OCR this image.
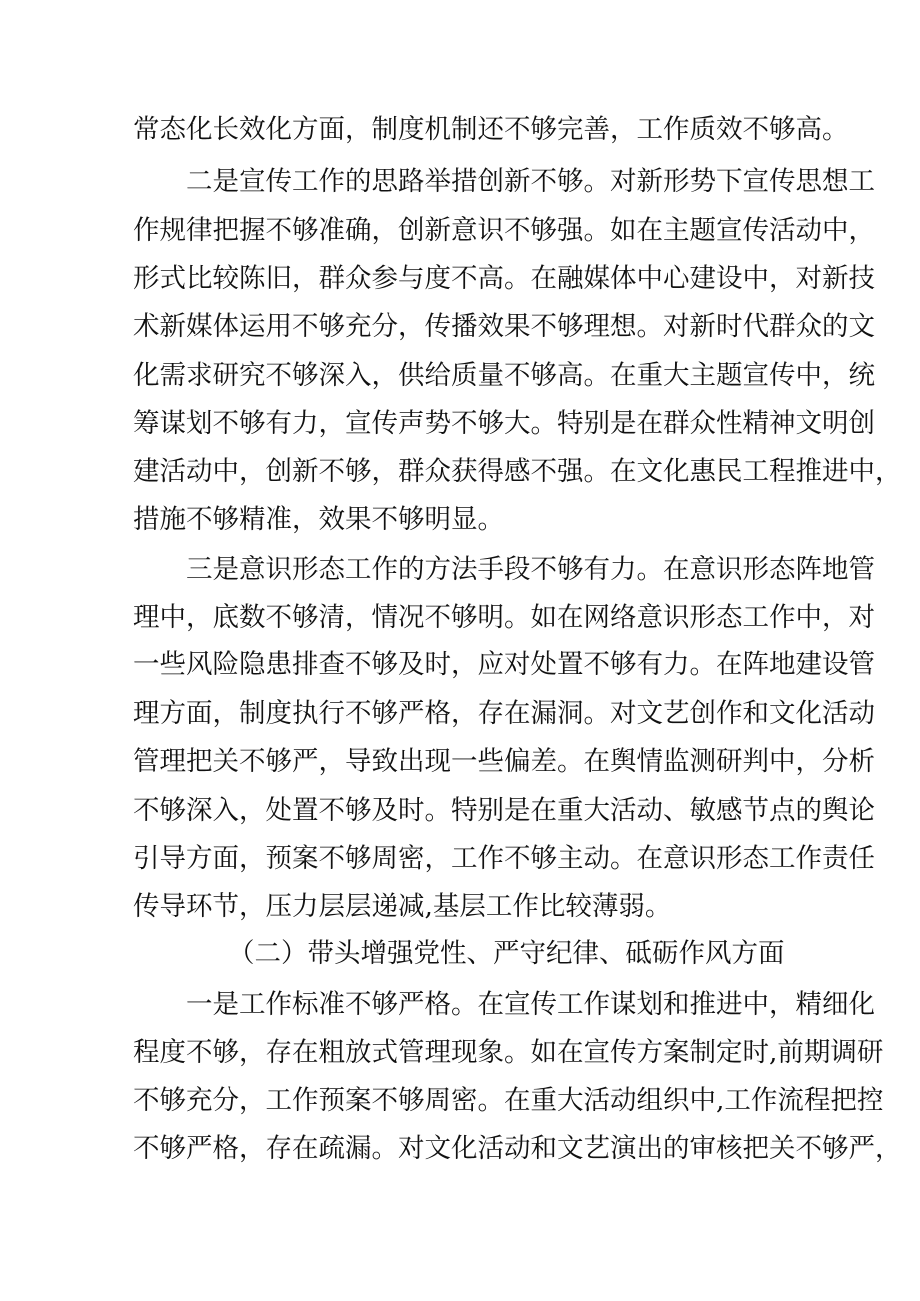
常态化长效化方面，制度机制还不够完善，工作质效不够高。

二是宣传工作的思路举措创新不够。对新形势下宣传思想工

作规律把握不够准确，创新意识不够强。如在主题宣传活动中，

形式比较陈旧，群众参与度不高。在融媒体中心建设中，对新技

术新媒体运用不够充分，传播效果不够理想。对新时代群众的文

化需求研究不够深入，供给质量不够高。在重大主题宣传中，统

筹谋划不够有力，宣传声势不够大。特别是在群众性精神文明创

建活动中，创新不够，群众获得感不强。在文化惠民工程推进中，

措施不够精准，效果不够明显。

三是意识形态工作的方法手段不够有力。在意识形态阵地管

理中，底数不够清，情况不够明。如在网络意识形态工作中，对

一些风险隐患排查不够及时，应对处置不够有力。在阵地建设管

理方面，制度执行不够严格，存在漏洞。对文艺创作和文化活动

管理把关不够严，导致出现一些偏差。在舆情监测研判中，分析

不够深入，处置不够及时。特别是在重大活动、敏感节点的舆论

引导方面，预案不够周密，工作不够主动。在意识形态工作责任

传导环节，压力层层递减,基层工作比较薄弱。

（二）带头增强党性、严守纪律、砥砺作风方面

一是工作标准不够严格。在宣传工作谋划和推进中，精细化

程度不够，存在粗放式管理现象。如在宣传方案制定时,前期调研

不够充分，工作预案不够周密。在重大活动组织中,工作流程把控

不够严格，存在疏漏。对文化活动和文艺演出的审核把关不够严，
